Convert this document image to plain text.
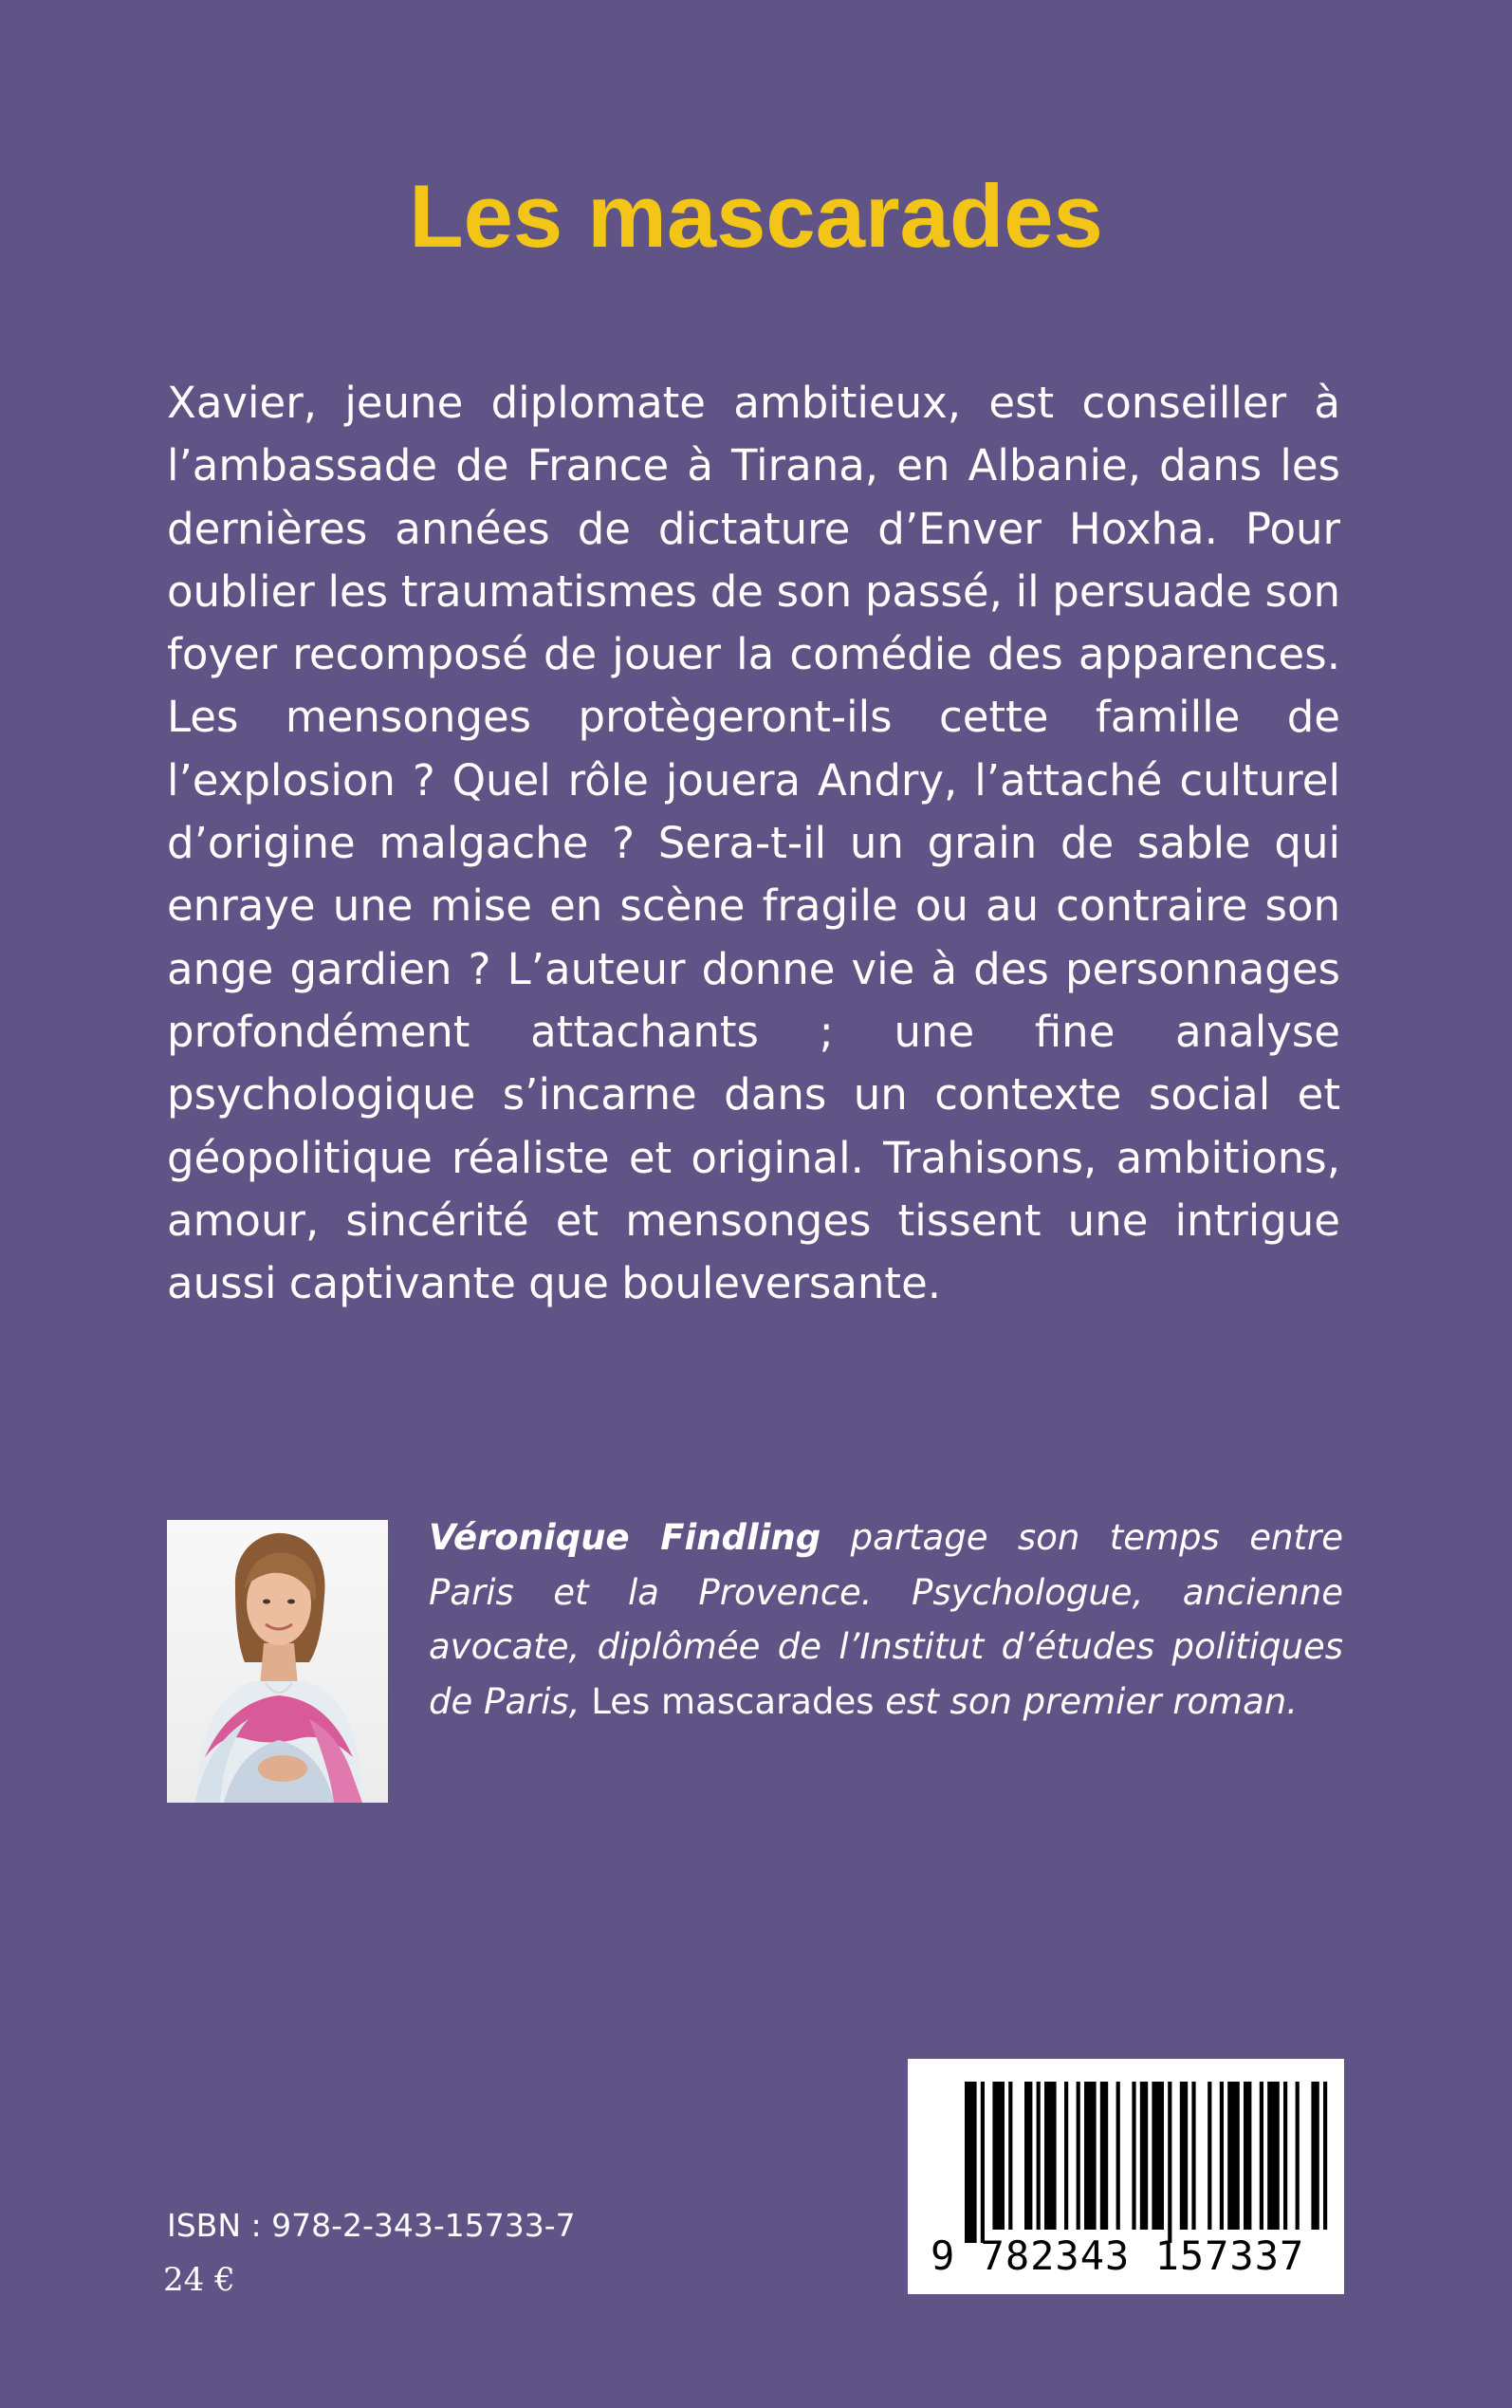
Les mascarades

Xavier, jeune diplomate ambitieux, est conseiller à l’ambassade de France à Tirana, en Albanie, dans les dernières années de dictature d’Enver Hoxha. Pour oublier les traumatismes de son passé, il persuade son foyer recomposé de jouer la comédie des apparences. Les mensonges protègeront-ils cette famille de l’explosion ? Quel rôle jouera Andry, l’attaché culturel d’origine malgache ? Sera-t-il un grain de sable qui enraye une mise en scène fragile ou au contraire son ange gardien ? L’auteur donne vie à des personnages profondément attachants ; une fine analyse psychologique s’incarne dans un contexte social et géopolitique réaliste et original. Trahisons, ambitions, amour, sincérité et mensonges tissent une intrigue aussi captivante que bouleversante.

Véronique Findling partage son temps entre Paris et la Provence. Psychologue, ancienne avocate, diplômée de l’Institut d’études politiques de Paris, Les mascarades est son premier roman.

9 782343 157337
ISBN : 978-2-343-15733-7
24 €
